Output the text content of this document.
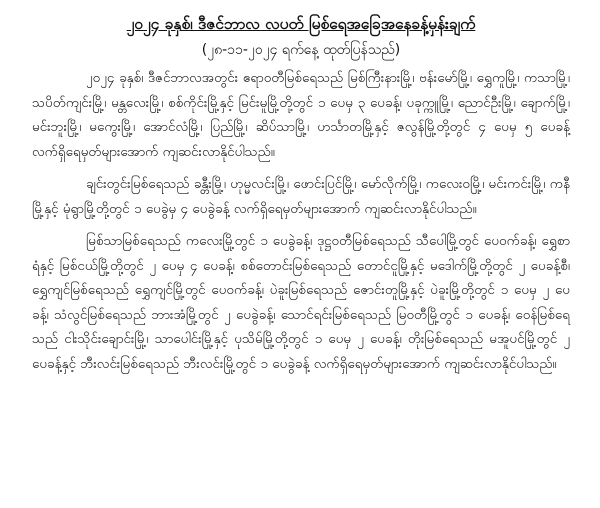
၂၀၂၄ ခုနှစ်၊ ဒီဇင်ဘာလ လပတ် မြစ်ရေအခြေအနေခန့်မှန်းချက်
(၂၈-၁၁-၂၀၂၄ ရက်နေ့ ထုတ်ပြန်သည်)

၂၀၂၄ ခုနှစ်၊ ဒီဇင်ဘာလအတွင်း ဧရာဝတီမြစ်ရေသည် မြစ်ကြီးနားမြို့၊ ဗန်းမော်မြို့၊ ရွှေကူမြို့၊ ကသာမြို့၊ သပိတ်ကျင်းမြို့၊ မန္တလေးမြို့၊ စစ်ကိုင်းမြို့နှင့် မြင်းမူမြို့တို့တွင် ၁ ပေမှ ၃ ပေခန့်၊ ပခုက္ကူမြို့၊ ညောင်ဦးမြို့၊ ချောက်မြို့၊ မင်းဘူးမြို့၊ မကွေးမြို့၊ အောင်လံမြို့၊ ပြည်မြို့၊ ဆိပ်သာမြို့၊ ဟင်္သာတမြို့နှင့် ဇလွန်မြို့တို့တွင် ၄ ပေမှ ၅ ပေခန့် လက်ရှိရေမှတ်များအောက် ကျဆင်းလာနိုင်ပါသည်။

ချင်းတွင်းမြစ်ရေသည် ခန္တီးမြို့၊ ဟုမ္မလင်းမြို့၊ ဖောင်းပြင်မြို့၊ မော်လိုက်မြို့၊ ကလေးဝမြို့၊ မင်းကင်းမြို့၊ ကနီမြို့နှင့် မုံရွာမြို့တို့တွင် ၁ ပေခွဲမှ ၄ ပေခွဲခန့် လက်ရှိရေမှတ်များအောက် ကျဆင်းလာနိုင်ပါသည်။

မြစ်သာမြစ်ရေသည် ကလေးမြို့တွင် ၁ ပေခွဲခန့်၊ ဒုဋ္ဌဝတီမြစ်ရေသည် သီပေါမြို့တွင် ပေဝက်ခန့်၊ ရွှေစာရံနှင့် မြစ်ငယ်မြို့တို့တွင် ၂ ပေမှ ၄ ပေခန့်၊ စစ်တောင်းမြစ်ရေသည် တောင်ငူမြို့နှင့် မဒေါက်မြို့တို့တွင် ၂ ပေခန့်စီ၊ ရွှေကျင်မြစ်ရေသည် ရွှေကျင်မြို့တွင် ပေဝက်ခန့်၊ ပဲခူးမြစ်ရေသည် ဇောင်းတူမြို့နှင့် ပဲခူးမြို့တို့တွင် ၁ ပေမှ ၂ ပေခန့်၊ သံလွင်မြစ်ရေသည် ဘားအံမြို့တွင် ၂ ပေခွဲခန့်၊ သောင်ရင်းမြစ်ရေသည် မြဝတီမြို့တွင် ၁ ပေခန့်၊ ဝေန်မြစ်ရေသည် ငါးသိုင်းချောင်းမြို့၊ သာပေါင်းမြို့နှင့် ပုသိမ်မြို့တို့တွင် ၁ ပေမှ ၂ ပေခန့်၊ တိုးမြစ်ရေသည် မအူပင်မြို့တွင် ၂ ပေခန့်နှင့် ဘီးလင်းမြစ်ရေသည် ဘီးလင်းမြို့တွင် ၁ ပေခွဲခန့် လက်ရှိရေမှတ်များအောက် ကျဆင်းလာနိုင်ပါသည်။
